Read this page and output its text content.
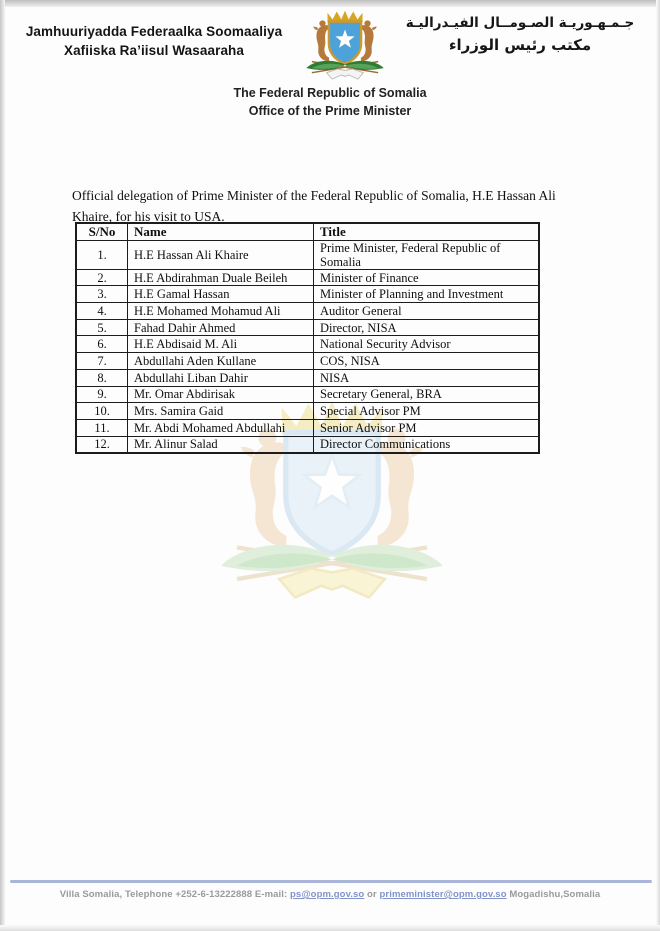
Jamhuuriyadda Federaalka Soomaaliya
Xafiiska Ra’iisul Wasaaraha
جـمـهـوريـة الصـومــال الفيـدراليـة
مكتب رئيس الوزراء
The Federal Republic of Somalia
Office of the Prime Minister

Official delegation of Prime Minister of the Federal Republic of Somalia, H.E Hassan Ali Khaire, for his visit to USA.

S/No	Name	Title
1.	H.E Hassan Ali Khaire	Prime Minister, Federal Republic of Somalia
2.	H.E Abdirahman Duale Beileh	Minister of Finance
3.	H.E Gamal Hassan	Minister of Planning and Investment
4.	H.E Mohamed Mohamud Ali	Auditor General
5.	Fahad Dahir Ahmed	Director, NISA
6.	H.E Abdisaid M. Ali	National Security Advisor
7.	Abdullahi Aden Kullane	COS, NISA
8.	Abdullahi Liban Dahir	NISA
9.	Mr. Omar Abdirisak	Secretary General, BRA
10.	Mrs. Samira Gaid	Special Advisor PM
11.	Mr. Abdi Mohamed Abdullahi	Senior Advisor PM
12.	Mr. Alinur Salad	Director Communications
Villa Somalia, Telephone +252-6-13222888 E-mail: ps@opm.gov.so or primeminister@opm.gov.so Mogadishu,Somalia
